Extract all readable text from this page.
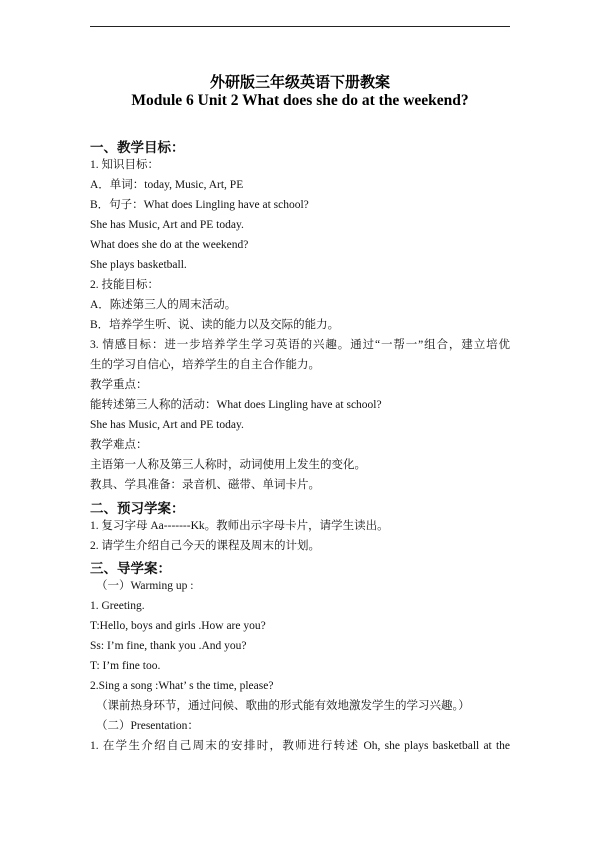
外研版三年级英语下册教案
Module 6 Unit 2 What does she do at the weekend?
一、教学目标：
1. 知识目标：
A．单词：today, Music, Art, PE
B．句子：What does Lingling have at school?
She has Music, Art and PE today.
What does she do at the weekend?
She plays basketball.
2. 技能目标：
A．陈述第三人的周末活动。
B．培养学生听、说、读的能力以及交际的能力。
3. 情感目标：进一步培养学生学习英语的兴趣。通过“一帮一”组合，建立培优
生的学习自信心，培养学生的自主合作能力。
教学重点：
能转述第三人称的活动：What does Lingling have at school?
She has Music, Art and PE today.
教学难点：
主语第一人称及第三人称时，动词使用上发生的变化。
教具、学具准备：录音机、磁带、单词卡片。
二、预习学案：
1. 复习字母 Aa-------Kk。教师出示字母卡片，请学生读出。
2. 请学生介绍自己今天的课程及周末的计划。
三、导学案：
（一）Warming up :
1. Greeting.
T:Hello, boys and girls .How are you?
Ss: I’m fine, thank you .And you?
T: I’m fine too.
2.Sing a song :What’ s the time, please?
（课前热身环节，通过问候、歌曲的形式能有效地激发学生的学习兴趣。）
（二）Presentation：
1. 在学生介绍自己周末的安排时，教师进行转述 Oh, she plays basketball at the
